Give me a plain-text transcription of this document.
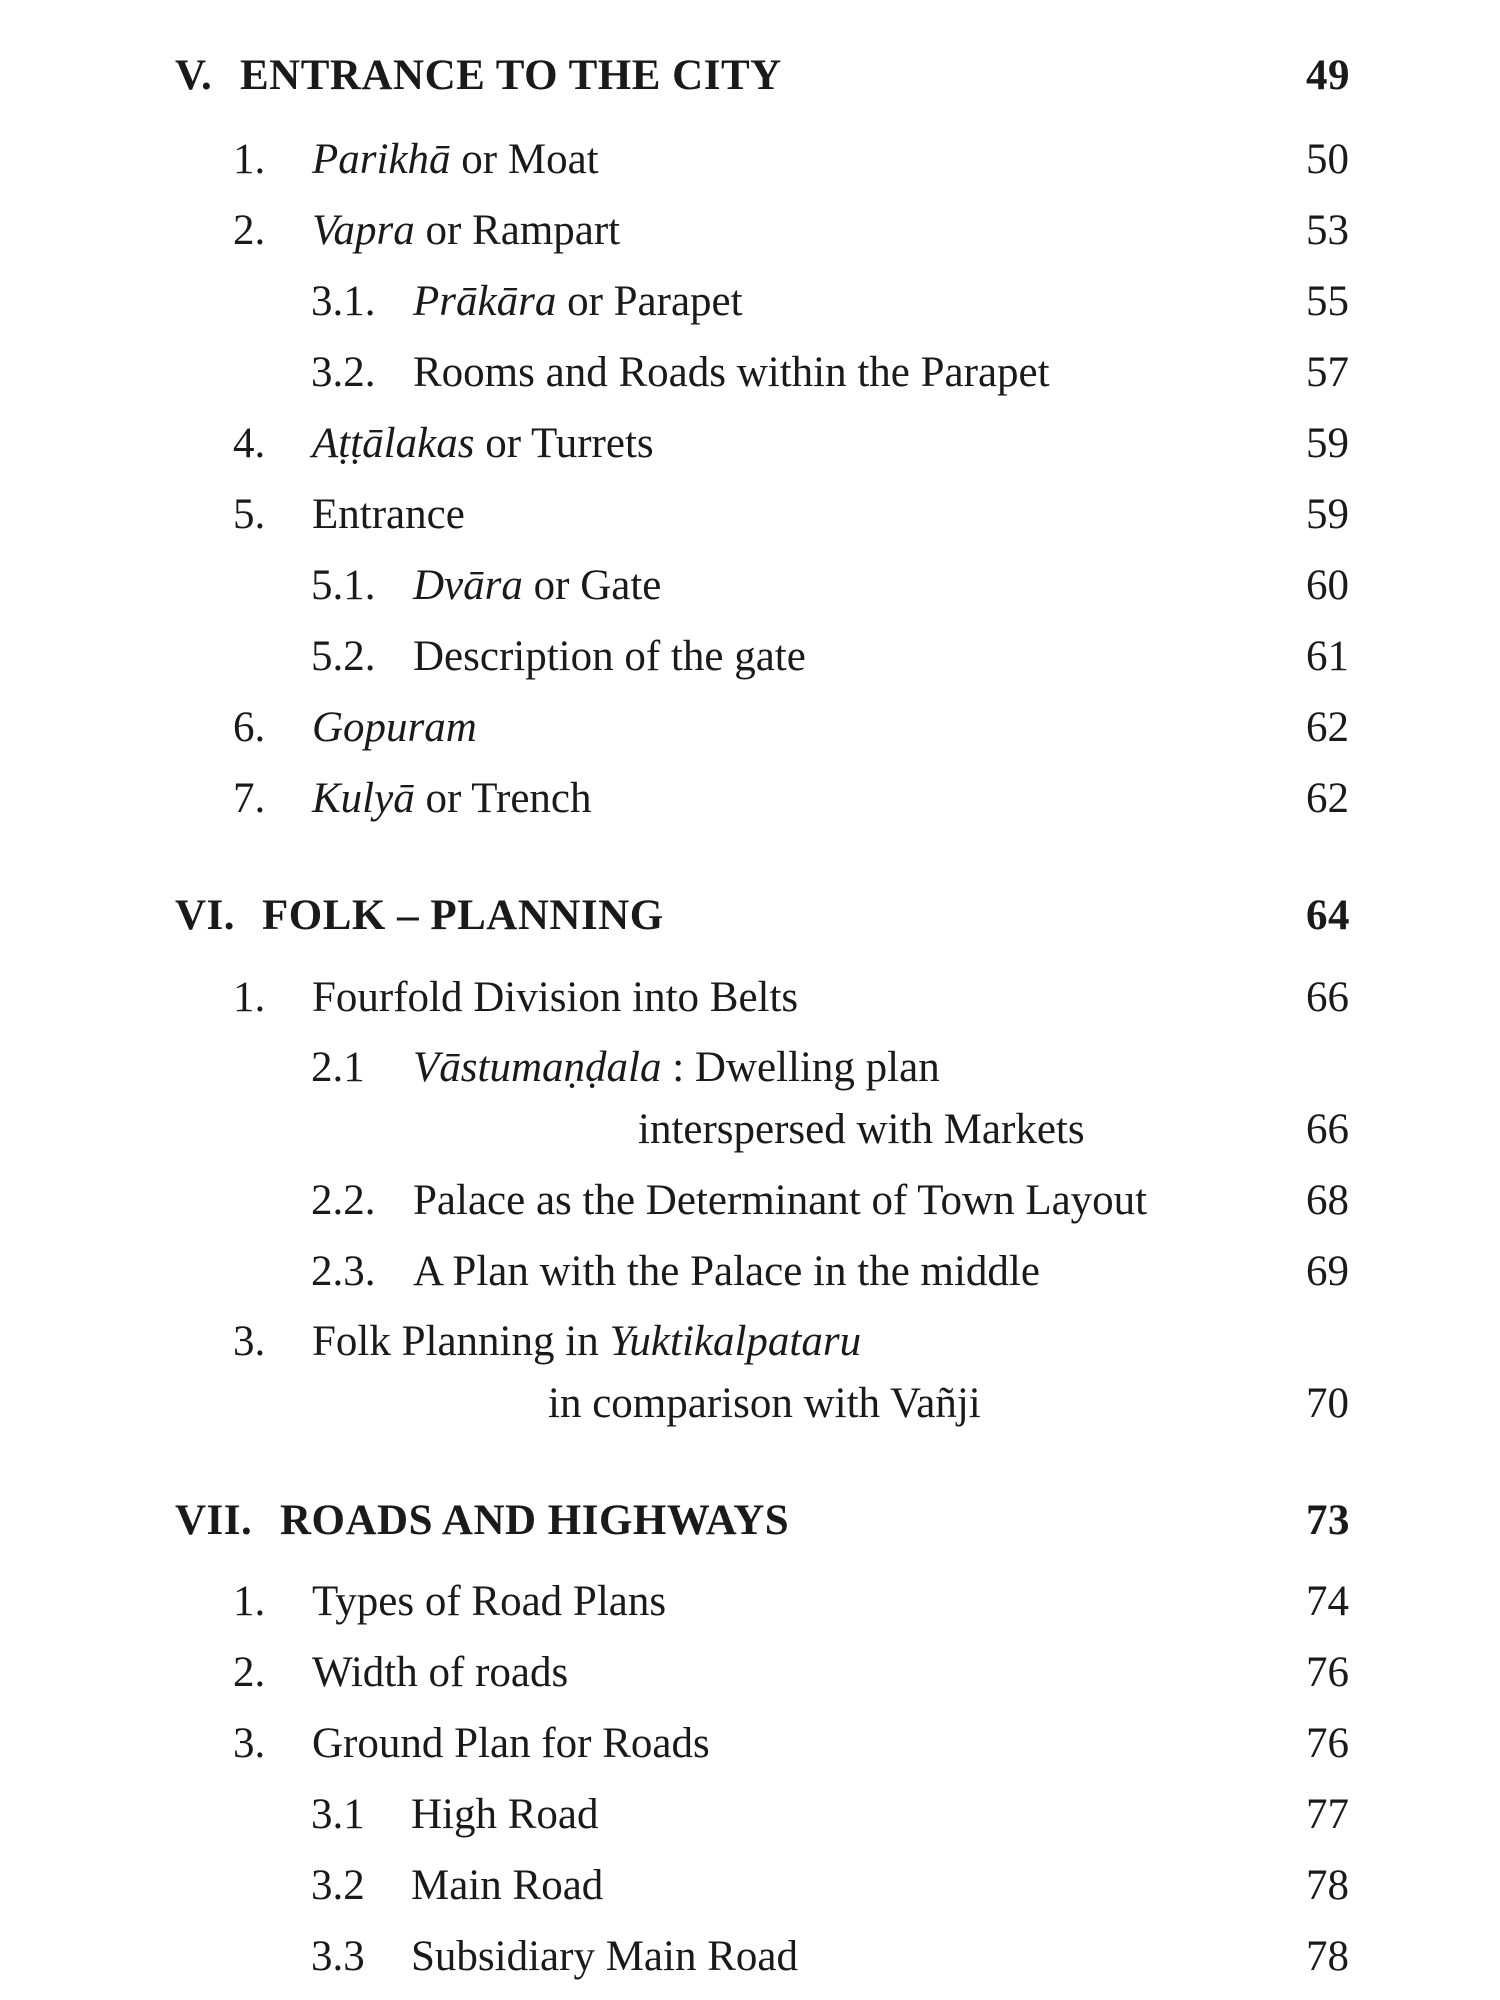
V. ENTRANCE TO THE CITY	49
1. Parikhā or Moat	50
2. Vapra or Rampart	53
3.1. Prākāra or Parapet	55
3.2. Rooms and Roads within the Parapet	57
4. Aṭṭālakas or Turrets	59
5. Entrance	59
5.1. Dvāra or Gate	60
5.2. Description of the gate	61
6. Gopuram	62
7. Kulyā or Trench	62
VI. FOLK – PLANNING	64
1. Fourfold Division into Belts	66
2.1 Vāstumaṇḍala : Dwelling plan
interspersed with Markets	66
2.2. Palace as the Determinant of Town Layout	68
2.3. A Plan with the Palace in the middle	69
3. Folk Planning in Yuktikalpataru
in comparison with Vañji	70
VII. ROADS AND HIGHWAYS	73
1. Types of Road Plans	74
2. Width of roads	76
3. Ground Plan for Roads	76
3.1 High Road	77
3.2 Main Road	78
3.3 Subsidiary Main Road	78
